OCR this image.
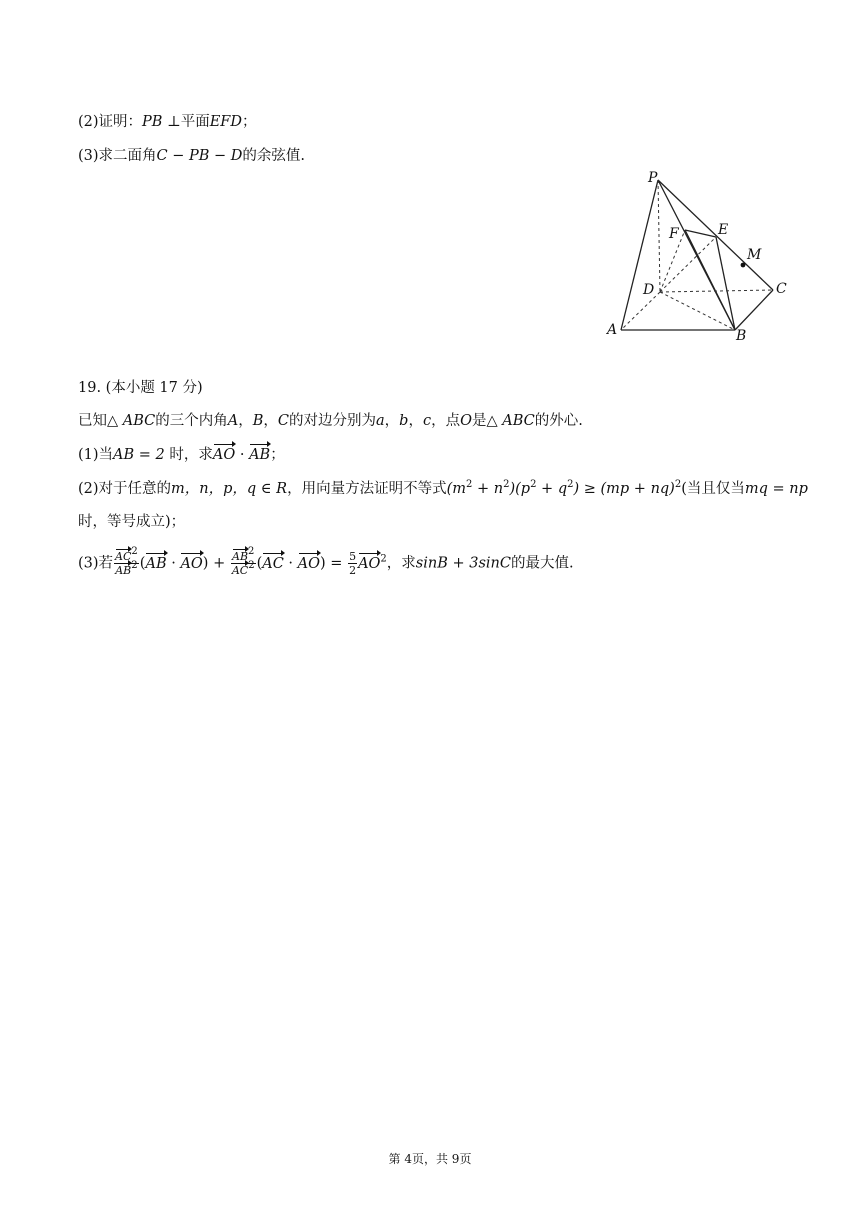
(2)证明：PB ⊥平面EFD；
(3)求二面角C − PB − D的余弦值.
P
E
F
M
D	C
A	B
19. (本小题 17 分)
已知△ ABC的三个内角A，B，C的对边分别为a，b，c，点O是△ ABC的外心.
(1)当AB = 2 时，求AO · AB；
(2)对于任意的m，n，p，q ∈ R，用向量方法证明不等式$(m^2 + n^2)(p^2 + q^2) \ge (mp + nq)^2$(当且仅当mq = np
时，等号成立)；
(3)若 $\frac{AC^2}{AB^2} (AB \cdot AO) + \frac{AB^2}{AC^2} (AC \cdot AO) = \frac{5}{2} AO^2$，求sinB + 3sinC的最大值.
第 4页，共 9页
